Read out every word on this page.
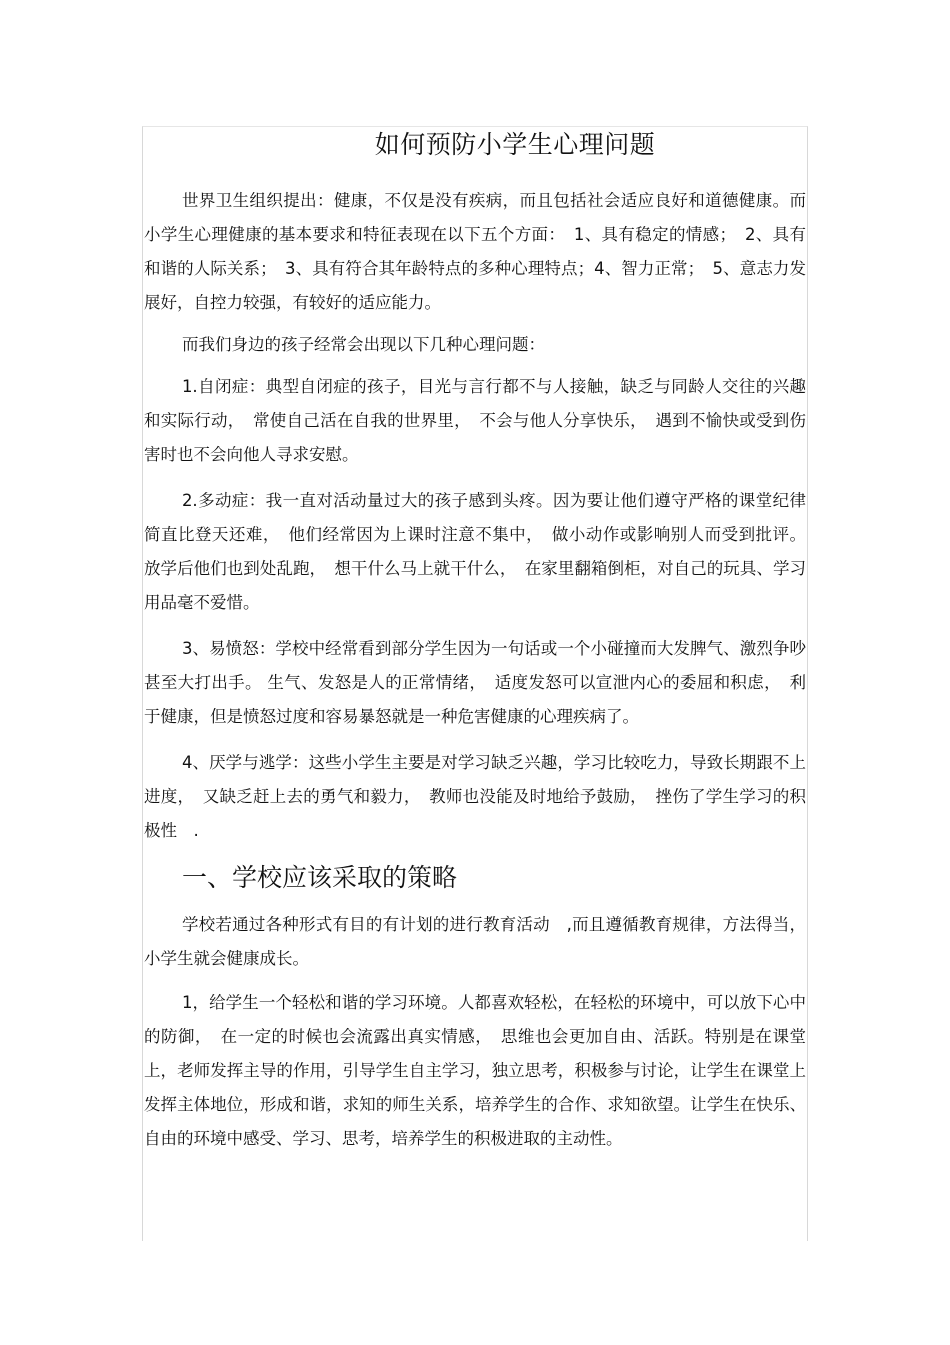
如何预防小学生心理问题

世界卫生组织提出：健康，不仅是没有疾病，而且包括社会适应良好和道德健康。而小学生心理健康的基本要求和特征表现在以下五个方面：　1、具有稳定的情感；　2、具有和谐的人际关系；　3、具有符合其年龄特点的多种心理特点；4、智力正常；　5、意志力发展好，自控力较强，有较好的适应能力。

而我们身边的孩子经常会出现以下几种心理问题：

1.自闭症：典型自闭症的孩子，目光与言行都不与人接触，缺乏与同龄人交往的兴趣和实际行动，　常使自己活在自我的世界里，　不会与他人分享快乐，　遇到不愉快或受到伤害时也不会向他人寻求安慰。

2.多动症：我一直对活动量过大的孩子感到头疼。因为要让他们遵守严格的课堂纪律简直比登天还难，　他们经常因为上课时注意不集中，　做小动作或影响别人而受到批评。 放学后他们也到处乱跑，　想干什么马上就干什么，　在家里翻箱倒柜，对自己的玩具、学习用品毫不爱惜。

3、易愤怒：学校中经常看到部分学生因为一句话或一个小碰撞而大发脾气、激烈争吵甚至大打出手。 生气、发怒是人的正常情绪，　适度发怒可以宣泄内心的委屈和积虑，　利于健康，但是愤怒过度和容易暴怒就是一种危害健康的心理疾病了。

4、厌学与逃学：这些小学生主要是对学习缺乏兴趣，学习比较吃力，导致长期跟不上进度，　又缺乏赶上去的勇气和毅力，　教师也没能及时地给予鼓励，　挫伤了学生学习的积极性　.

一、学校应该采取的策略

学校若通过各种形式有目的有计划的进行教育活动　,而且遵循教育规律，方法得当，小学生就会健康成长。

1，给学生一个轻松和谐的学习环境。人都喜欢轻松，在轻松的环境中，可以放下心中的防御，　在一定的时候也会流露出真实情感，　思维也会更加自由、活跃。特别是在课堂上，老师发挥主导的作用，引导学生自主学习，独立思考，积极参与讨论，让学生在课堂上发挥主体地位，形成和谐，求知的师生关系，培养学生的合作、求知欲望。让学生在快乐、自由的环境中感受、学习、思考，培养学生的积极进取的主动性。
